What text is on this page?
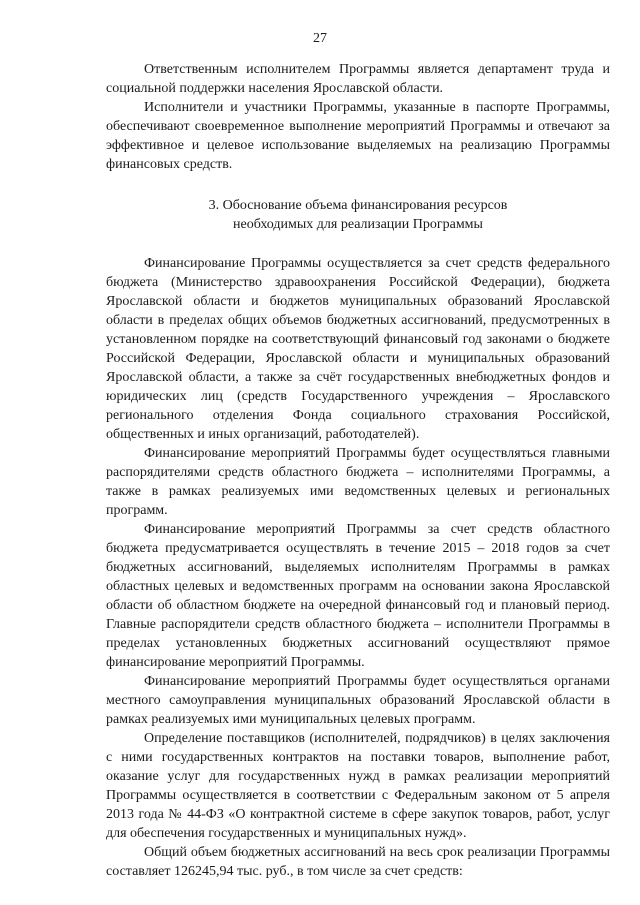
27

Ответственным исполнителем Программы является департамент труда и социальной поддержки населения Ярославской области.

Исполнители и участники Программы, указанные в паспорте Программы, обеспечивают своевременное выполнение мероприятий Программы и отвечают за эффективное и целевое использование выделяемых на реализацию Программы финансовых средств.

3. Обоснование объема финансирования ресурсов
необходимых для реализации Программы

Финансирование Программы осуществляется за счет средств федерального бюджета (Министерство здравоохранения Российской Федерации), бюджета Ярославской области и бюджетов муниципальных образований Ярославской области в пределах общих объемов бюджетных ассигнований, предусмотренных в установленном порядке на соответствующий финансовый год законами о бюджете Российской Федерации, Ярославской области и муниципальных образований Ярославской области, а также за счёт государственных внебюджетных фондов и юридических лиц (средств Государственного учреждения – Ярославского регионального отделения Фонда социального страхования Российской, общественных и иных организаций, работодателей).

Финансирование мероприятий Программы будет осуществляться главными распорядителями средств областного бюджета – исполнителями Программы, а также в рамках реализуемых ими ведомственных целевых и региональных программ.

Финансирование мероприятий Программы за счет средств областного бюджета предусматривается осуществлять в течение 2015 – 2018 годов за счет бюджетных ассигнований, выделяемых исполнителям Программы в рамках областных целевых и ведомственных программ на основании закона Ярославской области об областном бюджете на очередной финансовый год и плановый период. Главные распорядители средств областного бюджета – исполнители Программы в пределах установленных бюджетных ассигнований осуществляют прямое финансирование мероприятий Программы.

Финансирование мероприятий Программы будет осуществляться органами местного самоуправления муниципальных образований Ярославской области в рамках реализуемых ими муниципальных целевых программ.

Определение поставщиков (исполнителей, подрядчиков) в целях заключения с ними государственных контрактов на поставки товаров, выполнение работ, оказание услуг для государственных нужд в рамках реализации мероприятий Программы осуществляется в соответствии с Федеральным законом от 5 апреля 2013 года № 44-ФЗ «О контрактной системе в сфере закупок товаров, работ, услуг для обеспечения государственных и муниципальных нужд».

Общий объем бюджетных ассигнований на весь срок реализации Программы составляет 126245,94 тыс. руб., в том числе за счет средств:
